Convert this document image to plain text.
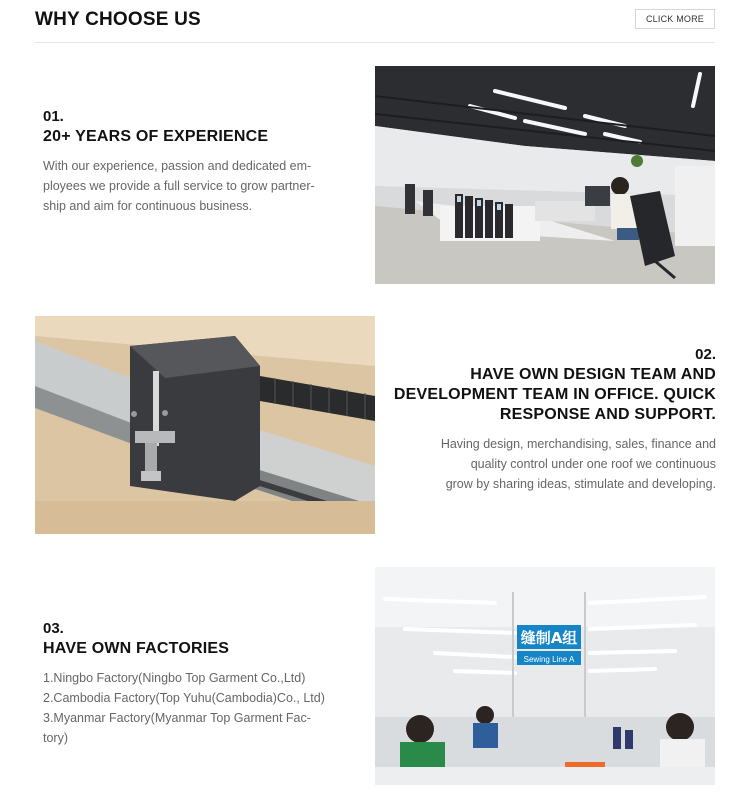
WHY CHOOSE US	CLICK MORE
01.
20+ YEARS OF EXPERIENCE
With our experience, passion and dedicated em-
ployees we provide a full service to grow partner-
ship and aim for continuous business.
02.
HAVE OWN DESIGN TEAM AND
DEVELOPMENT TEAM IN OFFICE. QUICK
RESPONSE AND SUPPORT.
Having design, merchandising, sales, finance and
quality control under one roof we continuous
grow by sharing ideas, stimulate and developing.
03.
HAVE OWN FACTORIES
1.Ningbo Factory(Ningbo Top Garment Co.,Ltd)
2.Cambodia Factory(Top Yuhu(Cambodia)Co., Ltd)
3.Myanmar Factory(Myanmar Top Garment Fac-
tory)
缝制A组
Sewing Line A
